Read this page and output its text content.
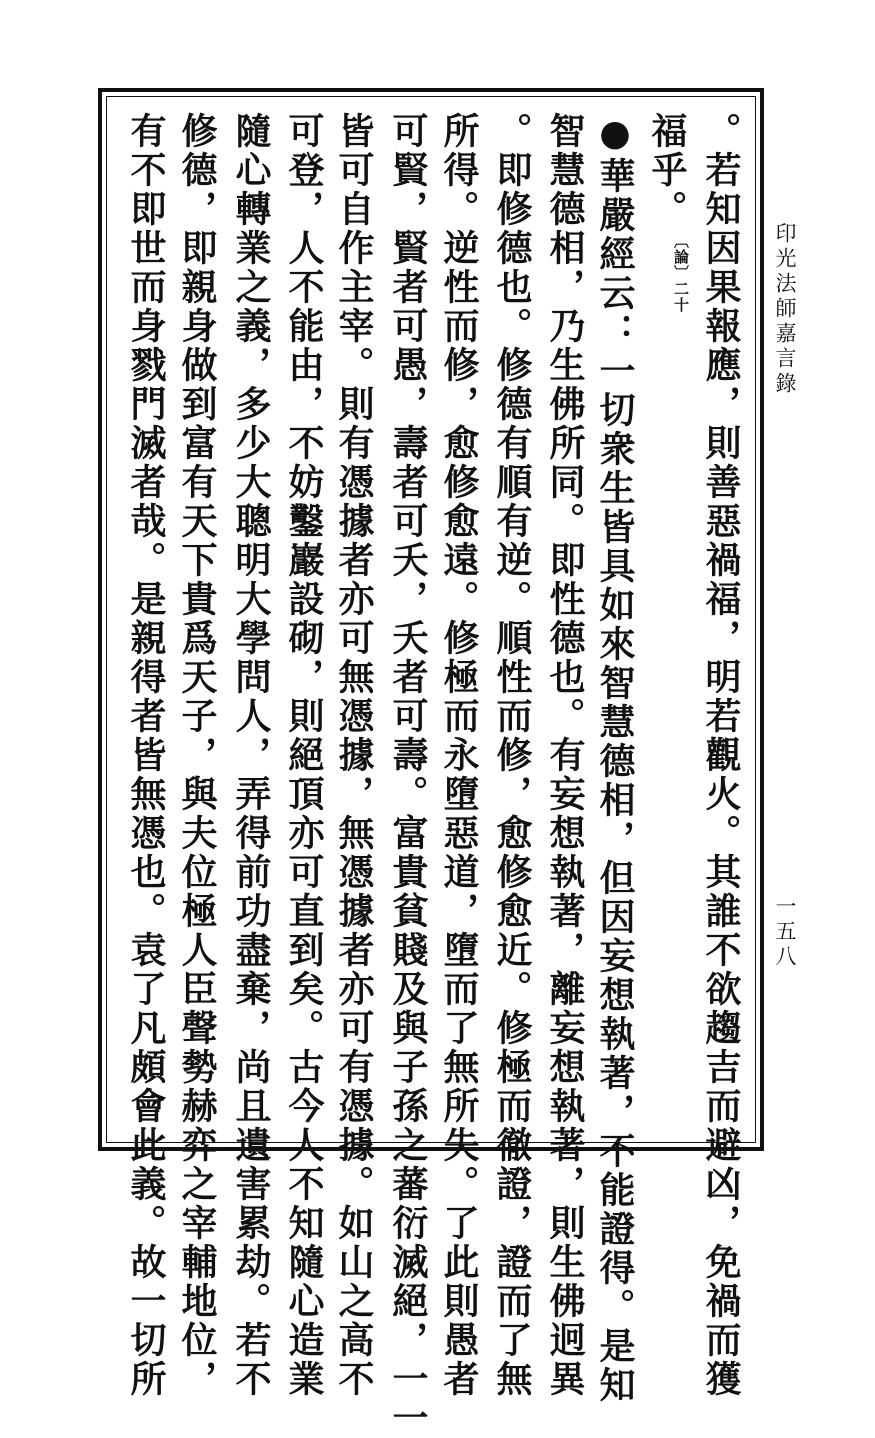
。若知因果報應，則善惡禍福，明若觀火。其誰不欲趨吉而避凶，免禍而獲
福乎。〔論〕二十
●華嚴經云：一切衆生皆具如來智慧德相，但因妄想執著，不能證得。是知
智慧德相，乃生佛所同。即性德也。有妄想執著，離妄想執著，則生佛迥異
。即修德也。修德有順有逆。順性而修，愈修愈近。修極而徹證，證而了無
所得。逆性而修，愈修愈遠。修極而永墮惡道，墮而了無所失。了此則愚者
可賢，賢者可愚，壽者可夭，夭者可壽。富貴貧賤及與子孫之蕃衍滅絕，一一
皆可自作主宰。則有憑據者亦可無憑據，無憑據者亦可有憑據。如山之高不
可登，人不能由，不妨鑿巖設砌，則絕頂亦可直到矣。古今人不知隨心造業
隨心轉業之義，多少大聰明大學問人，弄得前功盡棄，尚且遺害累劫。若不
修德，即親身做到富有天下貴爲天子，與夫位極人臣聲勢赫弈之宰輔地位，
有不即世而身戮門滅者哉。是親得者皆無憑也。袁了凡頗會此義。故一切所	印光法師嘉言錄
一五八
